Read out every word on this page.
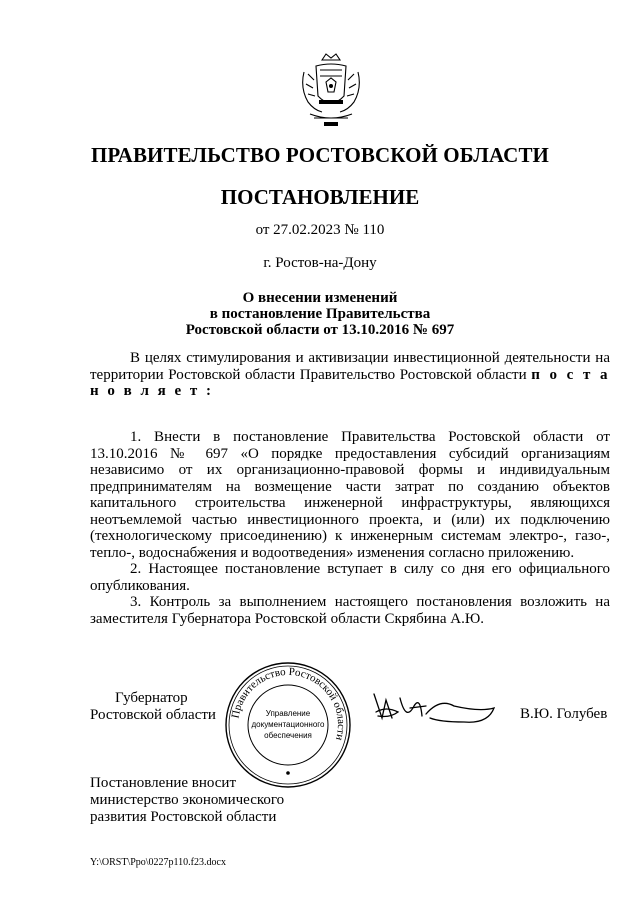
ПРАВИТЕЛЬСТВО РОСТОВСКОЙ ОБЛАСТИ
ПОСТАНОВЛЕНИЕ
от 27.02.2023 № 110
г. Ростов-на-Дону
О внесении изменений
в постановление Правительства
Ростовской области от 13.10.2016 № 697

В целях стимулирования и активизации инвестиционной деятельности на территории Ростовской области Правительство Ростовской области п о с т а н о в л я е т :

1. Внести в постановление Правительства Ростовской области от 13.10.2016 № 697 «О порядке предоставления субсидий организациям независимо от их организационно-правовой формы и индивидуальным предпринимателям на возмещение части затрат по созданию объектов капитального строительства инженерной инфраструктуры, являющихся неотъемлемой частью инвестиционного проекта, и (или) их подключению (технологическому присоединению) к инженерным системам электро-, газо-, тепло-, водоснабжения и водоотведения» изменения согласно приложению.

2. Настоящее постановление вступает в силу со дня его официального опубликования.

3. Контроль за выполнением настоящего постановления возложить на заместителя Губернатора Ростовской области Скрябина А.Ю.

Губернатор
Ростовской области	Правительство Ростовской области
Управление
документационного
обеспечения
В.Ю. Голубев
Постановление вносит
министерство экономического
развития Ростовской области
Y:\ORST\Ppo\0227p110.f23.docx
